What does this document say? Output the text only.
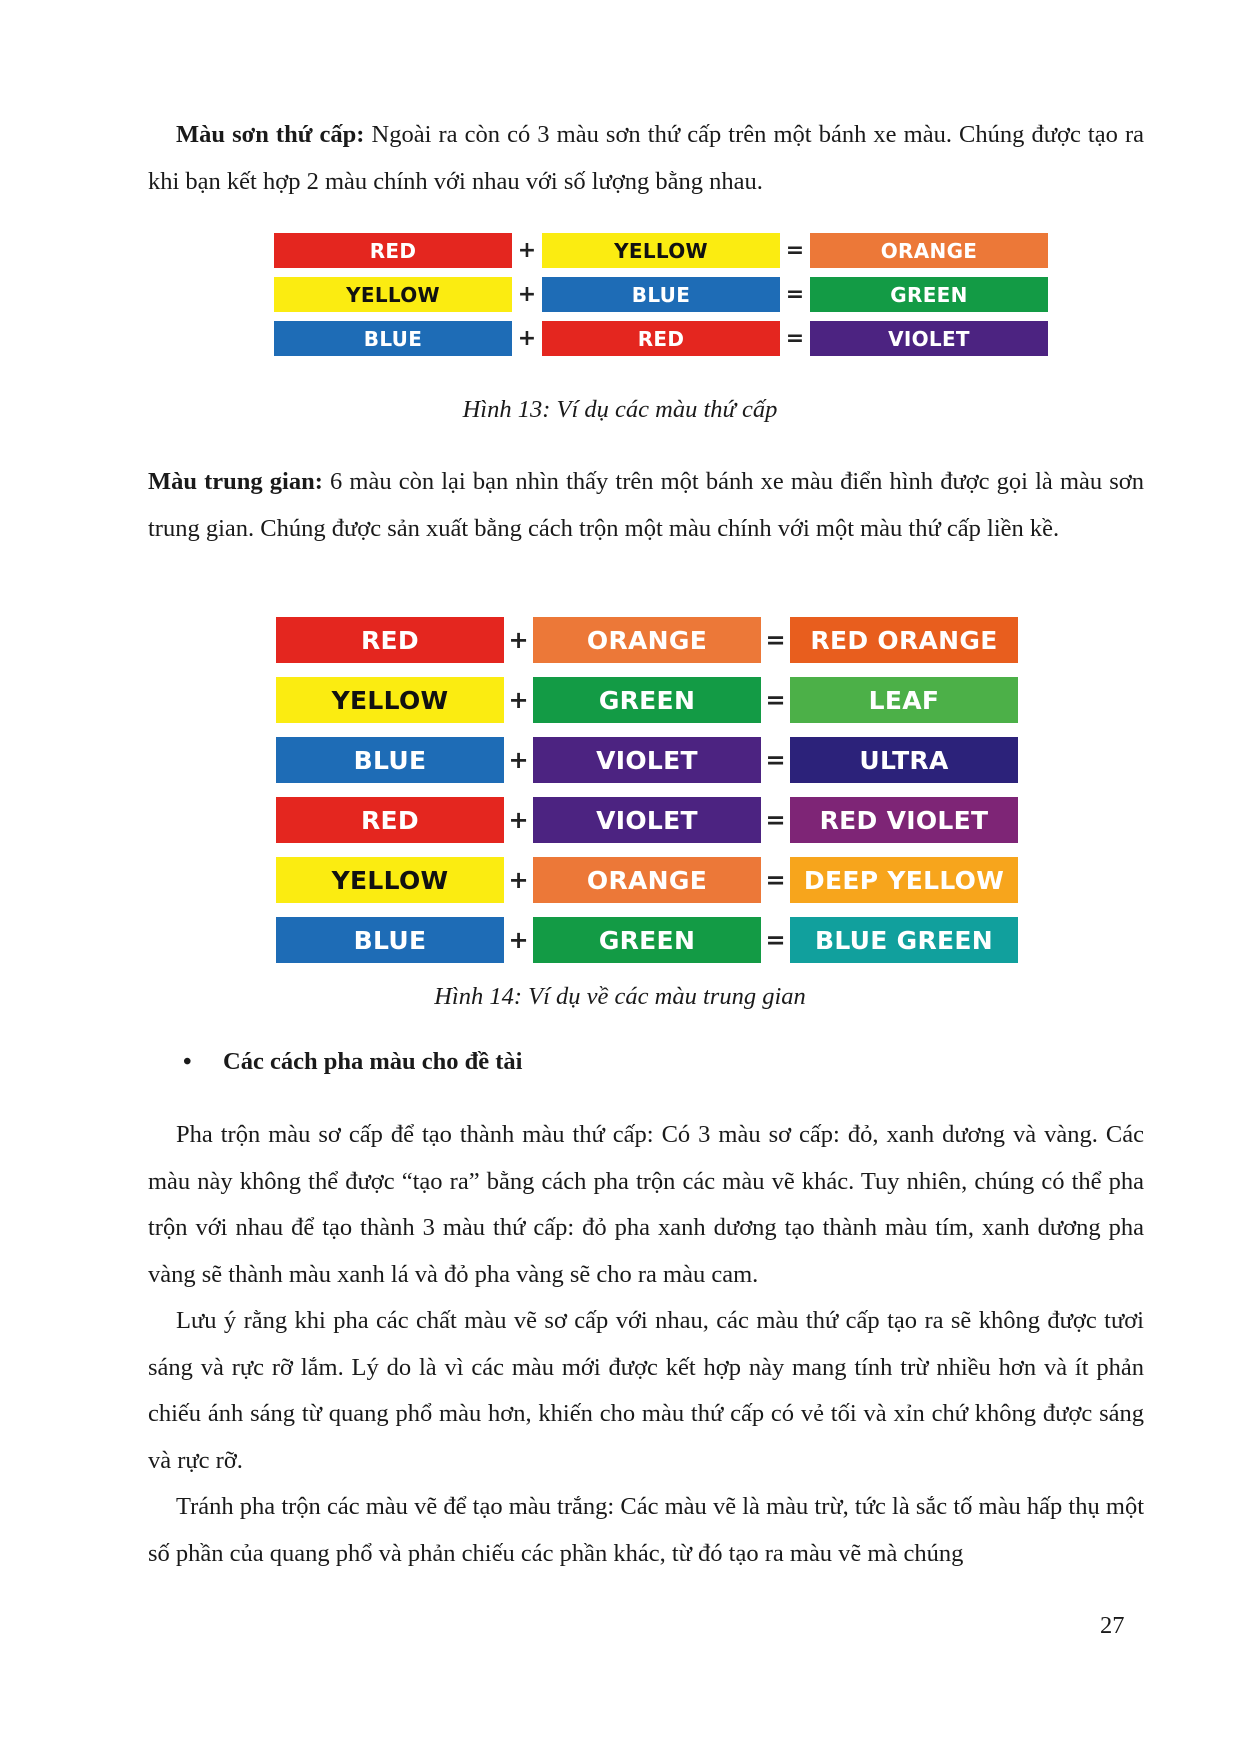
Màu sơn thứ cấp: Ngoài ra còn có 3 màu sơn thứ cấp trên một bánh xe màu. Chúng được tạo ra khi bạn kết hợp 2 màu chính với nhau với số lượng bằng nhau.

RED	+	YELLOW	=	ORANGE
YELLOW	+	BLUE	=	GREEN
BLUE	+	RED	=	VIOLET

Hình 13: Ví dụ các màu thứ cấp

Màu trung gian: 6 màu còn lại bạn nhìn thấy trên một bánh xe màu điển hình được gọi là màu sơn trung gian. Chúng được sản xuất bằng cách trộn một màu chính với một màu thứ cấp liền kề.

RED	+	ORANGE	= RED ORANGE
YELLOW	+	GREEN	=	LEAF
BLUE	+	VIOLET	=	ULTRA
RED	+	VIOLET	=	RED VIOLET
YELLOW	+	ORANGE	= DEEP YELLOW
BLUE	+	GREEN	=	BLUE GREEN

Hình 14: Ví dụ về các màu trung gian

• Các cách pha màu cho đề tài

Pha trộn màu sơ cấp để tạo thành màu thứ cấp: Có 3 màu sơ cấp: đỏ, xanh dương và vàng. Các màu này không thể được “tạo ra” bằng cách pha trộn các màu vẽ khác. Tuy nhiên, chúng có thể pha trộn với nhau để tạo thành 3 màu thứ cấp: đỏ pha xanh dương tạo thành màu tím, xanh dương pha vàng sẽ thành màu xanh lá và đỏ pha vàng sẽ cho ra màu cam.

Lưu ý rằng khi pha các chất màu vẽ sơ cấp với nhau, các màu thứ cấp tạo ra sẽ không được tươi sáng và rực rỡ lắm. Lý do là vì các màu mới được kết hợp này mang tính trừ nhiều hơn và ít phản chiếu ánh sáng từ quang phổ màu hơn, khiến cho màu thứ cấp có vẻ tối và xỉn chứ không được sáng và rực rỡ.

Tránh pha trộn các màu vẽ để tạo màu trắng: Các màu vẽ là màu trừ, tức là sắc tố màu hấp thụ một số phần của quang phổ và phản chiếu các phần khác, từ đó tạo ra màu vẽ mà chúng

27
